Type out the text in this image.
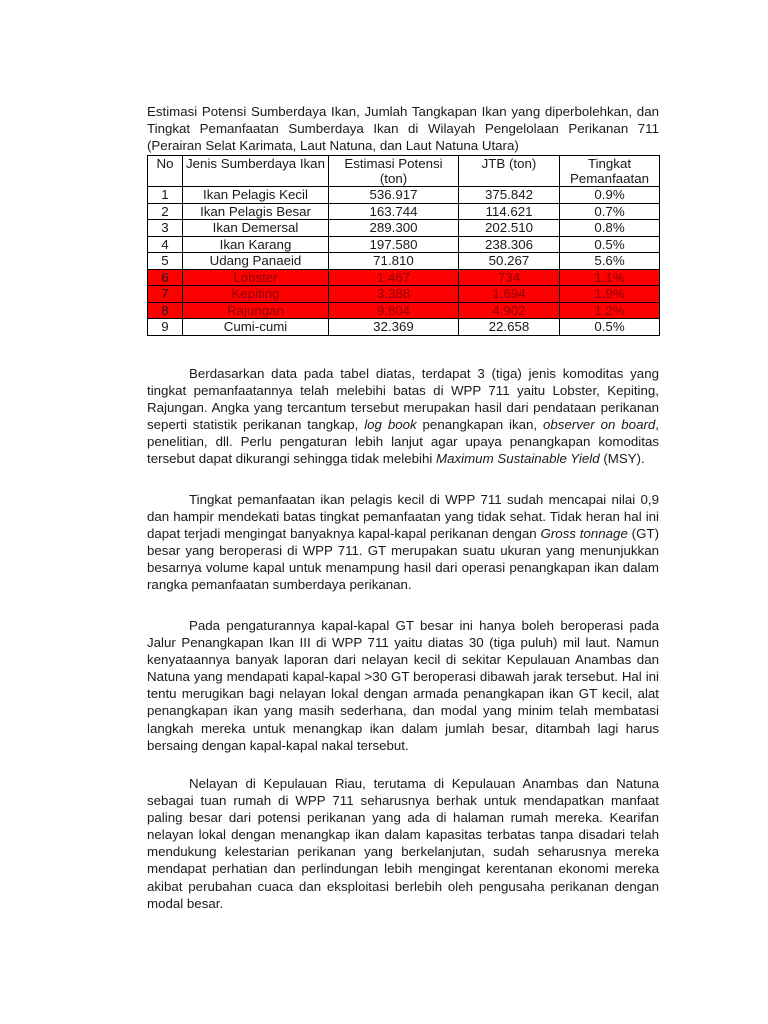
Estimasi Potensi Sumberdaya Ikan, Jumlah Tangkapan Ikan yang diperbolehkan, dan Tingkat Pemanfaatan Sumberdaya Ikan di Wilayah Pengelolaan Perikanan 711 (Perairan Selat Karimata, Laut Natuna, dan Laut Natuna Utara)

No	Jenis Sumberdaya Ikan	Estimasi Potensi (ton)	JTB (ton)	Tingkat Pemanfaatan
1	Ikan Pelagis Kecil	536.917	375.842	0.9%
2	Ikan Pelagis Besar	163.744	114.621	0.7%
3	Ikan Demersal	289.300	202.510	0.8%
4	Ikan Karang	197.580	238.306	0.5%
5	Udang Panaeid	71.810	50.267	5.6%
6	Lobster	1.467	734	1.1%
7	Kepiting	3.388	1.694	1.9%
8	Rajungan	9.804	4.902	1.2%
9	Cumi-cumi	32.369	22.658	0.5%

Berdasarkan data pada tabel diatas, terdapat 3 (tiga) jenis komoditas yang tingkat pemanfaatannya telah melebihi batas di WPP 711 yaitu Lobster, Kepiting, Rajungan. Angka yang tercantum tersebut merupakan hasil dari pendataan perikanan seperti statistik perikanan tangkap, log book penangkapan ikan, observer on board, penelitian, dll. Perlu pengaturan lebih lanjut agar upaya penangkapan komoditas tersebut dapat dikurangi sehingga tidak melebihi Maximum Sustainable Yield (MSY).

Tingkat pemanfaatan ikan pelagis kecil di WPP 711 sudah mencapai nilai 0,9 dan hampir mendekati batas tingkat pemanfaatan yang tidak sehat. Tidak heran hal ini dapat terjadi mengingat banyaknya kapal-kapal perikanan dengan Gross tonnage (GT) besar yang beroperasi di WPP 711. GT merupakan suatu ukuran yang menunjukkan besarnya volume kapal untuk menampung hasil dari operasi penangkapan ikan dalam rangka pemanfaatan sumberdaya perikanan.

Pada pengaturannya kapal-kapal GT besar ini hanya boleh beroperasi pada Jalur Penangkapan Ikan III di WPP 711 yaitu diatas 30 (tiga puluh) mil laut. Namun kenyataannya banyak laporan dari nelayan kecil di sekitar Kepulauan Anambas dan Natuna yang mendapati kapal-kapal >30 GT beroperasi dibawah jarak tersebut. Hal ini tentu merugikan bagi nelayan lokal dengan armada penangkapan ikan GT kecil, alat penangkapan ikan yang masih sederhana, dan modal yang minim telah membatasi langkah mereka untuk menangkap ikan dalam jumlah besar, ditambah lagi harus bersaing dengan kapal-kapal nakal tersebut.

Nelayan di Kepulauan Riau, terutama di Kepulauan Anambas dan Natuna sebagai tuan rumah di WPP 711 seharusnya berhak untuk mendapatkan manfaat paling besar dari potensi perikanan yang ada di halaman rumah mereka. Kearifan nelayan lokal dengan menangkap ikan dalam kapasitas terbatas tanpa disadari telah mendukung kelestarian perikanan yang berkelanjutan, sudah seharusnya mereka mendapat perhatian dan perlindungan lebih mengingat kerentanan ekonomi mereka akibat perubahan cuaca dan eksploitasi berlebih oleh pengusaha perikanan dengan modal besar.
